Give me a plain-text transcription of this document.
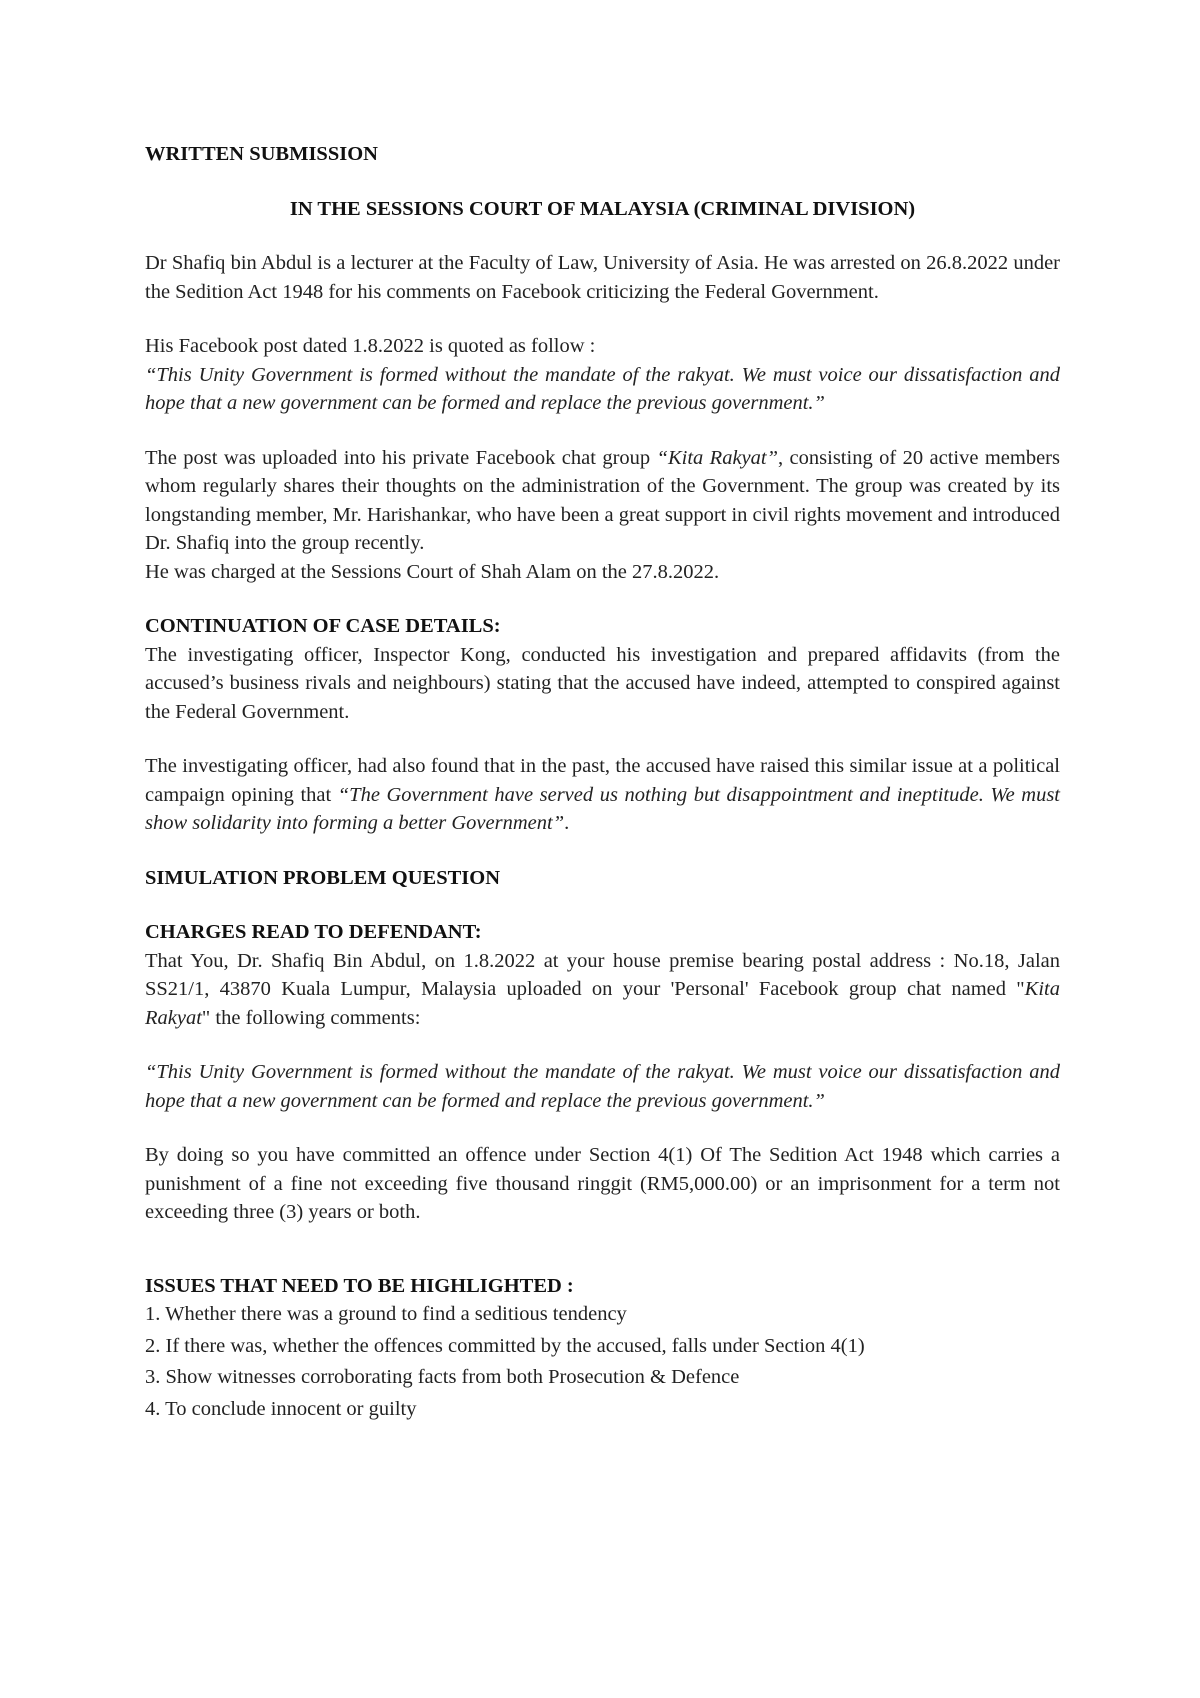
WRITTEN SUBMISSION

IN THE SESSIONS COURT OF MALAYSIA (CRIMINAL DIVISION)

Dr Shafiq bin Abdul is a lecturer at the Faculty of Law, University of Asia. He was arrested on 26.8.2022 under the Sedition Act 1948 for his comments on Facebook criticizing the Federal Government.

His Facebook post dated 1.8.2022 is quoted as follow :

“This Unity Government is formed without the mandate of the rakyat. We must voice our dissatisfaction and hope that a new government can be formed and replace the previous government.”

The post was uploaded into his private Facebook chat group “Kita Rakyat”, consisting of 20 active members whom regularly shares their thoughts on the administration of the Government. The group was created by its longstanding member, Mr. Harishankar, who have been a great support in civil rights movement and introduced Dr. Shafiq into the group recently.

He was charged at the Sessions Court of Shah Alam on the 27.8.2022.

CONTINUATION OF CASE DETAILS:

The investigating officer, Inspector Kong, conducted his investigation and prepared affidavits (from the accused’s business rivals and neighbours) stating that the accused have indeed, attempted to conspired against the Federal Government.

The investigating officer, had also found that in the past, the accused have raised this similar issue at a political campaign opining that “The Government have served us nothing but disappointment and ineptitude. We must show solidarity into forming a better Government”.

SIMULATION PROBLEM QUESTION

CHARGES READ TO DEFENDANT:

That You, Dr. Shafiq Bin Abdul, on 1.8.2022 at your house premise bearing postal address : No.18, Jalan SS21/1, 43870 Kuala Lumpur, Malaysia uploaded on your 'Personal' Facebook group chat named "Kita Rakyat" the following comments:

“This Unity Government is formed without the mandate of the rakyat. We must voice our dissatisfaction and hope that a new government can be formed and replace the previous government.”

By doing so you have committed an offence under Section 4(1) Of The Sedition Act 1948 which carries a punishment of a fine not exceeding five thousand ringgit (RM5,000.00) or an imprisonment for a term not exceeding three (3) years or both.

ISSUES THAT NEED TO BE HIGHLIGHTED :

1. Whether there was a ground to find a seditious tendency

2. If there was, whether the offences committed by the accused, falls under Section 4(1)

3. Show witnesses corroborating facts from both Prosecution & Defence

4. To conclude innocent or guilty
